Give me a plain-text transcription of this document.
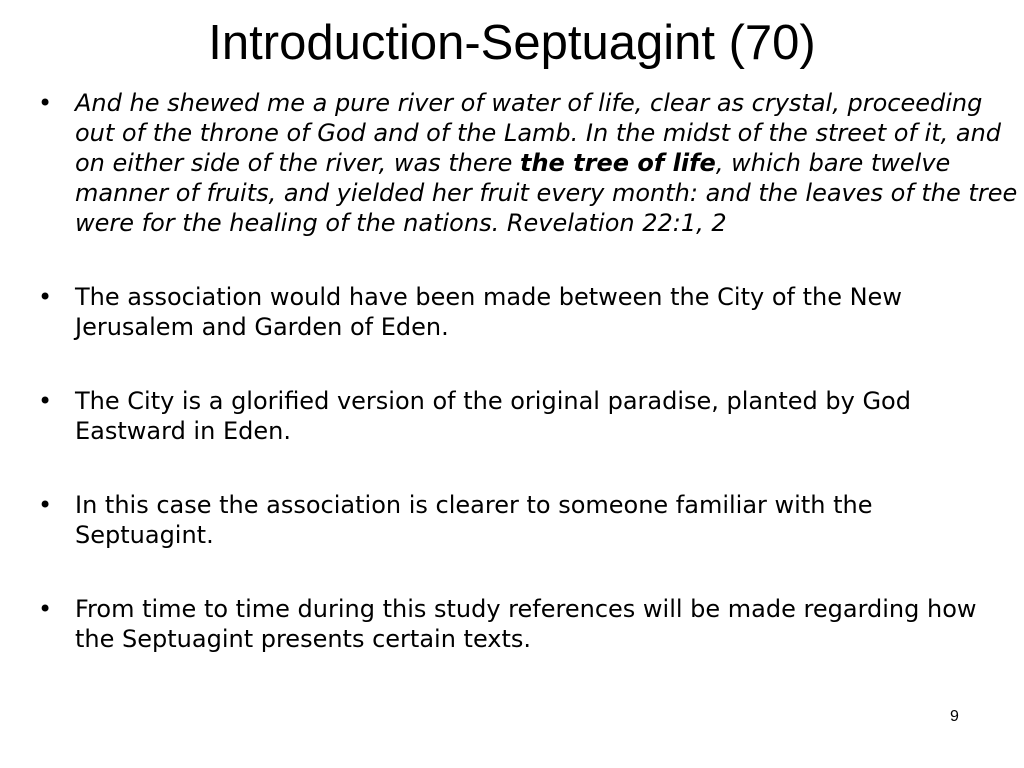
Introduction-Septuagint (70)
• And he shewed me a pure river of water of life, clear as crystal, proceeding out of the throne of God and of the Lamb. In the midst of the street of it, and on either side of the river, was there the tree of life, which bare twelve manner of fruits, and yielded her fruit every month: and the leaves of the tree were for the healing of the nations. Revelation 22:1, 2
• The association would have been made between the City of the New Jerusalem and Garden of Eden.
• The City is a glorified version of the original paradise, planted by God Eastward in Eden.
• In this case the association is clearer to someone familiar with the Septuagint.
• From time to time during this study references will be made regarding how the Septuagint presents certain texts.
9
